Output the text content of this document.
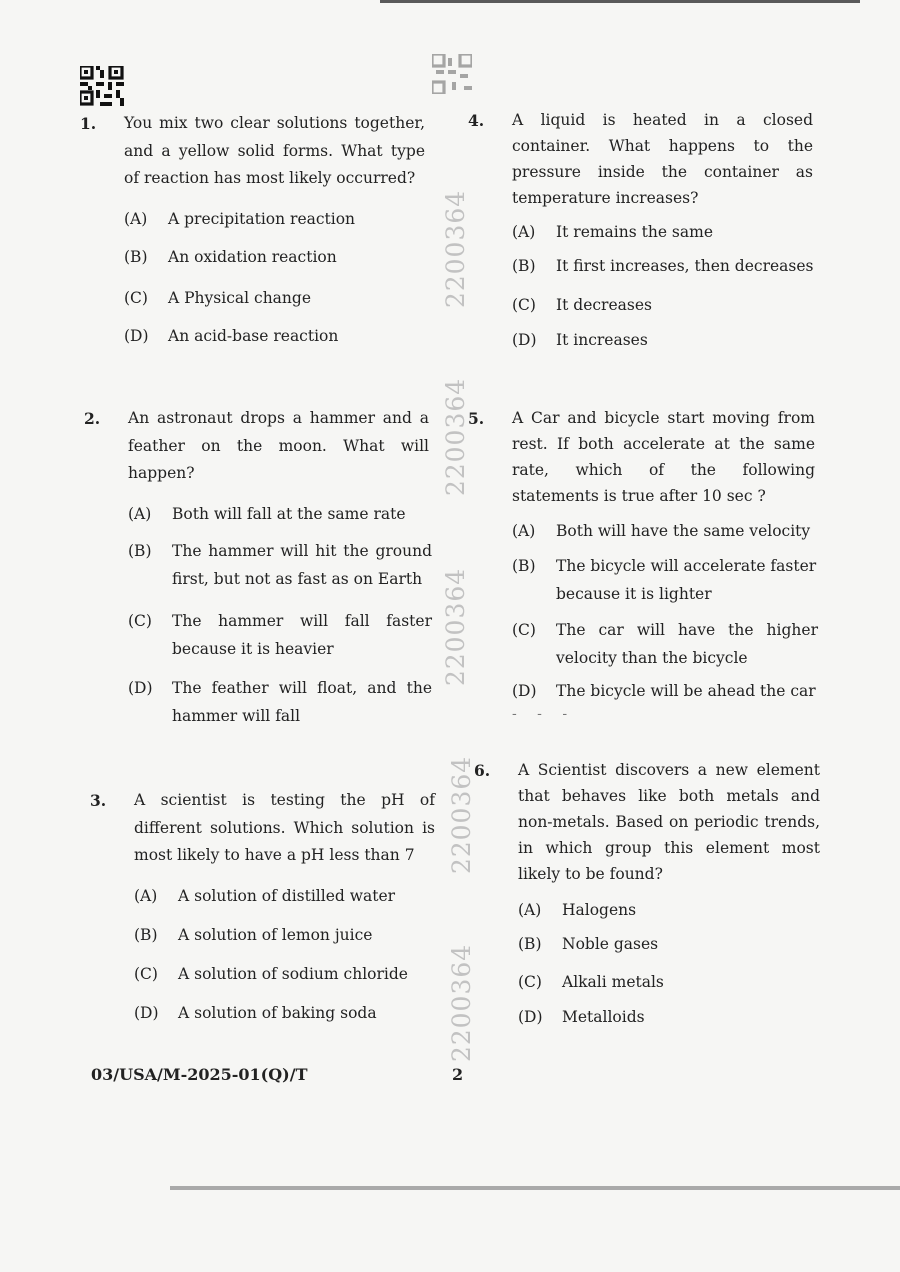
2200364
2200364
2200364
2200364
2200364
1. You mix two clear solutions together, and a yellow solid forms. What type of reaction has most likely occurred?
(A) A precipitation reaction
(B) An oxidation reaction
(C) A Physical change
(D) An acid-base reaction
2. An astronaut drops a hammer and a feather on the moon. What will happen?
(A) Both will fall at the same rate
(B) The hammer will hit the ground first, but not as fast as on Earth
(C) The hammer will fall faster because it is heavier
(D) The feather will float, and the hammer will fall
3. A scientist is testing the pH of different solutions. Which solution is most likely to have a pH less than 7
(A) A solution of distilled water
(B) A solution of lemon juice
(C) A solution of sodium chloride
(D) A solution of baking soda
4. A liquid is heated in a closed container. What happens to the pressure inside the container as temperature increases?
(A) It remains the same
(B) It first increases, then decreases
(C) It decreases
(D) It increases
5. A Car and bicycle start moving from rest. If both accelerate at the same rate, which of the following statements is true after 10 sec ?
(A) Both will have the same velocity
(B) The bicycle will accelerate faster because it is lighter
(C) The car will have the higher velocity than the bicycle
(D) The bicycle will be ahead the car
- - -
6. A Scientist discovers a new element that behaves like both metals and non-metals. Based on periodic trends, in which group this element most likely to be found?
(A) Halogens
(B) Noble gases
(C) Alkali metals
(D) Metalloids
03/USA/M-2025-01(Q)/T	2
